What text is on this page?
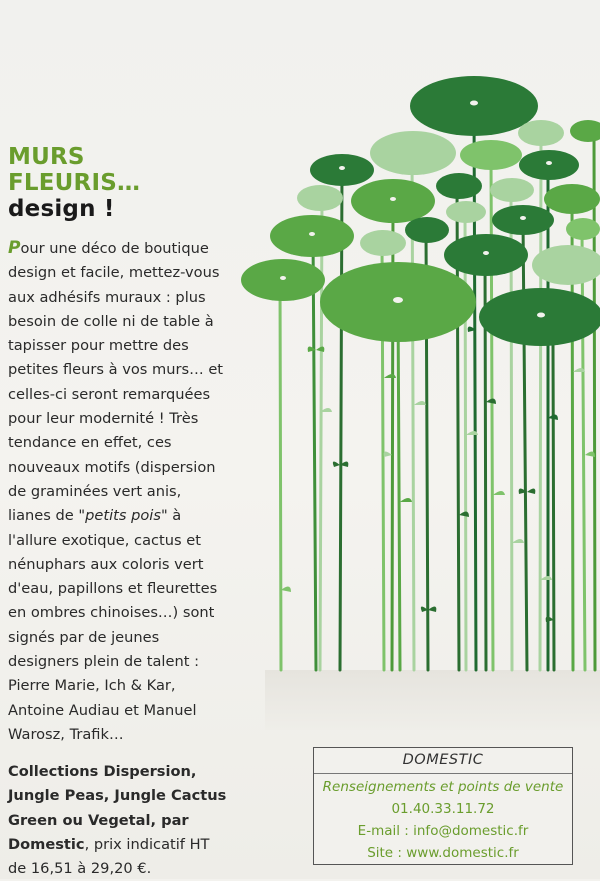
MURS
FLEURIS…
design !

Pour une déco de boutique
design et facile, mettez-vous
aux adhésifs muraux : plus
besoin de colle ni de table à
tapisser pour mettre des
petites fleurs à vos murs… et
celles-ci seront remarquées
pour leur modernité ! Très
tendance en effet, ces
nouveaux motifs (dispersion
de graminées vert anis,
lianes de "petits pois" à
l'allure exotique, cactus et
nénuphars aux coloris vert
d'eau, papillons et fleurettes
en ombres chinoises…) sont
signés par de jeunes
designers plein de talent :
Pierre Marie, Ich & Kar,
Antoine Audiau et Manuel
Warosz, Trafik…

Collections Dispersion,
Jungle Peas, Jungle Cactus
Green ou Vegetal, par
Domestic, prix indicatif HT
de 16,51 à 29,20 €.

DOMESTIC
Renseignements et points de vente
01.40.33.11.72
E-mail : info@domestic.fr
Site : www.domestic.fr
